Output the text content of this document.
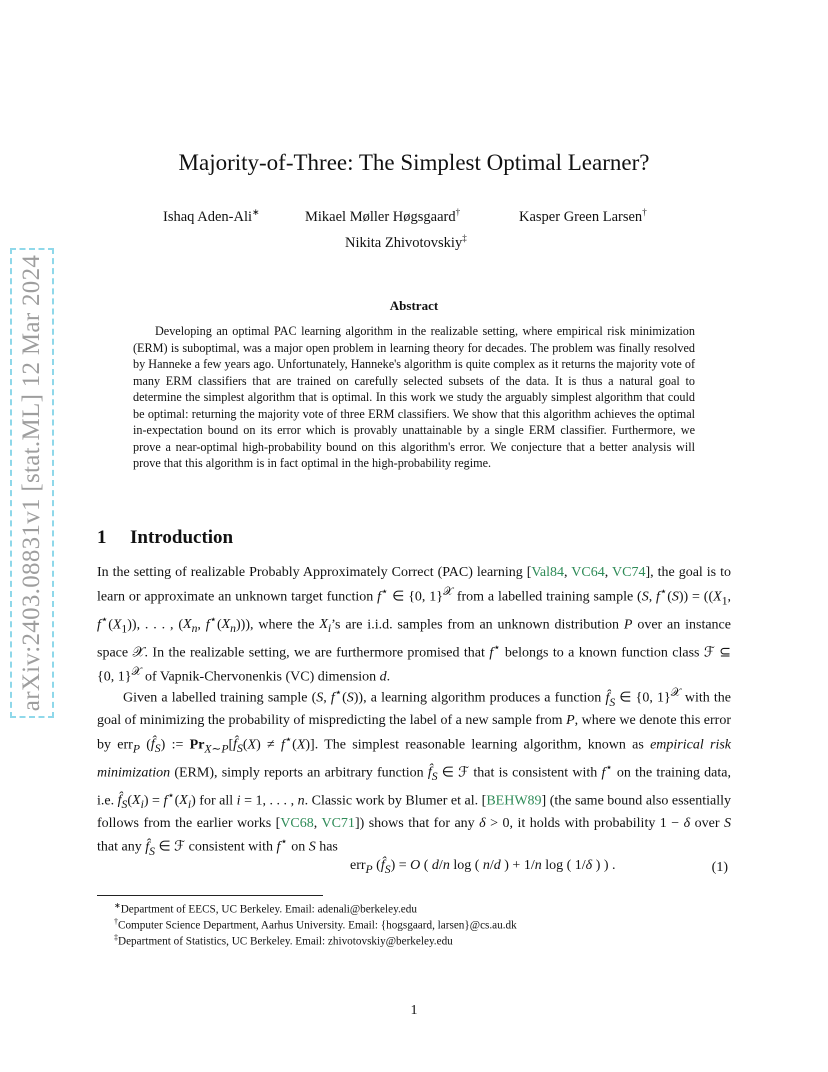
arXiv:2403.08831v1 [stat.ML] 12 Mar 2024
Majority-of-Three: The Simplest Optimal Learner?
Ishaq Aden-Ali∗	Mikael Møller Høgsgaard†	Kasper Green Larsen†
Nikita Zhivotovskiy‡
Abstract

Developing an optimal PAC learning algorithm in the realizable setting, where empirical risk minimization (ERM) is suboptimal, was a major open problem in learning theory for decades. The problem was finally resolved by Hanneke a few years ago. Unfortunately, Hanneke's algorithm is quite complex as it returns the majority vote of many ERM classifiers that are trained on carefully selected subsets of the data. It is thus a natural goal to determine the simplest algorithm that is optimal. In this work we study the arguably simplest algorithm that could be optimal: returning the majority vote of three ERM classifiers. We show that this algorithm achieves the optimal in-expectation bound on its error which is provably unattainable by a single ERM classifier. Furthermore, we prove a near-optimal high-probability bound on this algorithm's error. We conjecture that a better analysis will prove that this algorithm is in fact optimal in the high-probability regime.

1 Introduction

In the setting of realizable Probably Approximately Correct (PAC) learning [Val84, VC64, VC74], the goal is to learn or approximate an unknown target function f⋆ ∈ {0, 1}$^𝒳$ from a labelled training sample (S, $f^⋆(S)) = ((X_1$, $f^⋆(X_1)$), . . . , ($X_n$, $f^⋆(X_n)$)), where the $X_i’s$ are i.i.d. samples from an unknown distribution P over an instance space 𝒳. In the realizable setting, we are furthermore promised that f⋆ belongs to a known function class ℱ ⊆ {0, 1}$^𝒳$ of Vapnik-Chervonenkis (VC) dimension d.

Given a labelled training sample (S, f⋆(S)), a learning algorithm produces a function $f̂_S$ ∈ {0, 1}$^𝒳$ with the goal of minimizing the probability of mispredicting the label of a new sample from P, where we denote this error by err$_P$ $(f̂_S)$ := $Pr_{X\sim P}[f̂_S(X) \ne f^⋆(X)]$. The simplest reasonable learning algorithm, known as empirical risk minimization (ERM), simply reports an arbitrary function $f̂_S$ ∈ ℱ that is consistent with f⋆ on the training data, i.e. $f̂_S(X_i) = f^⋆(X_i)$ for all i = 1, . . . , n. Classic work by Blumer et al. [BEHW89] (the same bound also essentially follows from the earlier works [VC68, VC71]) shows that for any δ > 0, it holds with probability 1 − δ over S that any $f̂_S$ ∈ ℱ consistent with f⋆ on S has

err$_P$ $(f̂_S) = O$ ( d/n log ( n/d ) + 1/n log ( 1/δ ) ) .	(1)
∗Department of EECS, UC Berkeley. Email: adenali@berkeley.edu
†Computer Science Department, Aarhus University. Email: {hogsgaard, larsen}@cs.au.dk
‡Department of Statistics, UC Berkeley. Email: zhivotovskiy@berkeley.edu
1
